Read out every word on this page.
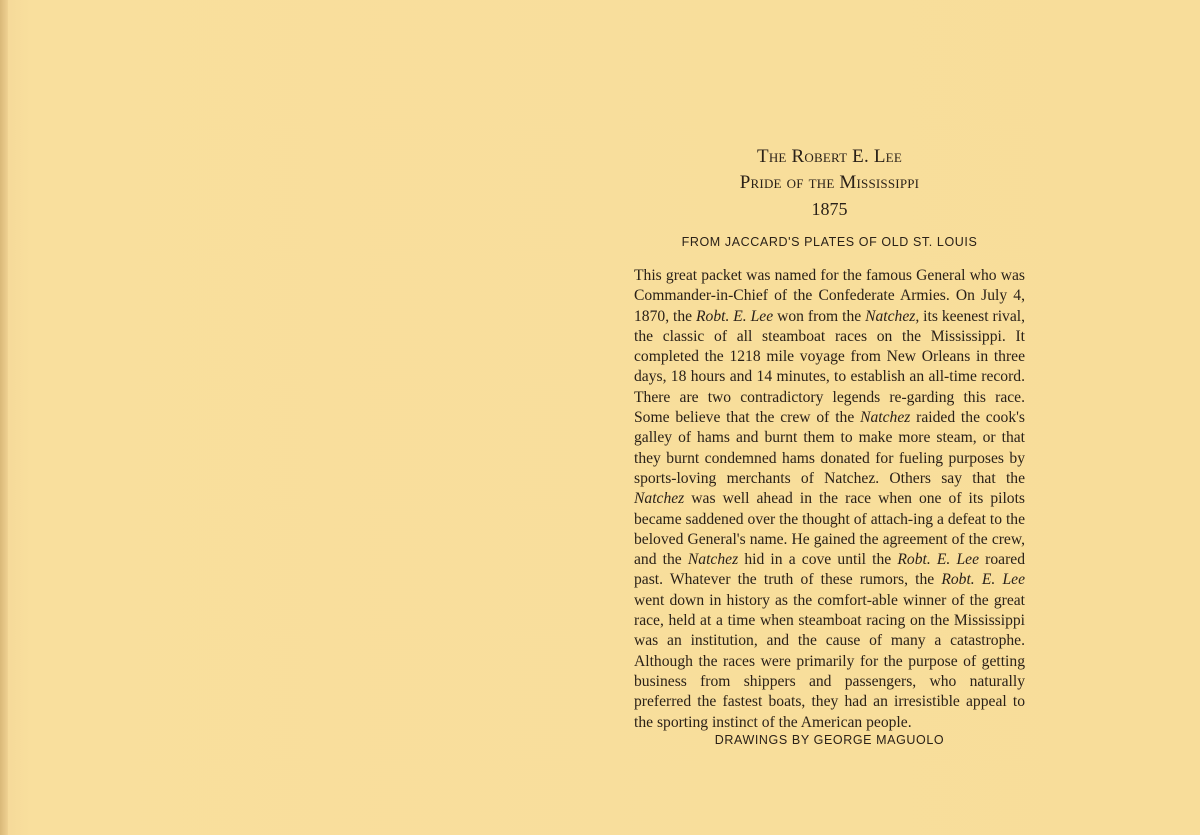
The Robert E. Lee
Pride of the Mississippi
1875
FROM JACCARD'S PLATES OF OLD ST. LOUIS

This great packet was named for the famous General who was Commander-in-Chief of the Confederate Armies. On July 4, 1870, the Robt. E. Lee won from the Natchez, its keenest rival, the classic of all steamboat races on the Mississippi. It completed the 1218 mile voyage from New Orleans in three days, 18 hours and 14 minutes, to establish an all-time record. There are two contradictory legends re-garding this race. Some believe that the crew of the Natchez raided the cook's galley of hams and burnt them to make more steam, or that they burnt condemned hams donated for fueling purposes by sports-loving merchants of Natchez. Others say that the Natchez was well ahead in the race when one of its pilots became saddened over the thought of attach-ing a defeat to the beloved General's name. He gained the agreement of the crew, and the Natchez hid in a cove until the Robt. E. Lee roared past. Whatever the truth of these rumors, the Robt. E. Lee went down in history as the comfort-able winner of the great race, held at a time when steamboat racing on the Mississippi was an institution, and the cause of many a catastrophe. Although the races were primarily for the purpose of getting business from shippers and passengers, who naturally preferred the fastest boats, they had an irresistible appeal to the sporting instinct of the American people.

DRAWINGS BY GEORGE MAGUOLO
